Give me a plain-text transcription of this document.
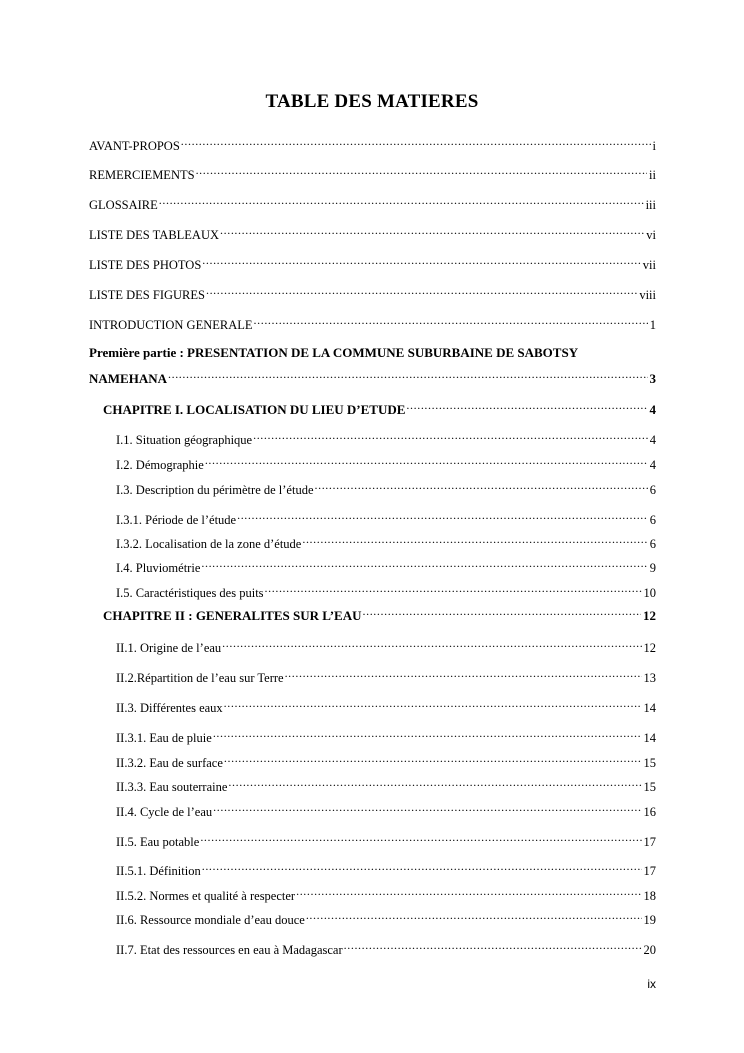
TABLE DES MATIERES
AVANT-PROPOS .....	i
REMERCIEMENTS .....	ii
GLOSSAIRE .....	iii
LISTE DES TABLEAUX .....	vi
LISTE DES PHOTOS .....	vii
LISTE DES FIGURES .....	viii
INTRODUCTION GENERALE .....	1
Première partie : PRESENTATION DE LA COMMUNE SUBURBAINE DE SABOTSY
NAMEHANA .....	3
CHAPITRE I. LOCALISATION DU LIEU D’ETUDE .....	4
I.1. Situation géographique .....	4
I.2. Démographie .....	4
I.3. Description du périmètre de l’étude .....	6
I.3.1. Période de l’étude .....	6
I.3.2. Localisation de la zone d’étude .....	6
I.4. Pluviométrie .....	9
I.5. Caractéristiques des puits .....	10
CHAPITRE II : GENERALITES SUR L’EAU .....	12
II.1. Origine de l’eau .....	12
II.2.Répartition de l’eau sur Terre .....	13
II.3. Différentes eaux .....	14
II.3.1. Eau de pluie .....	14
II.3.2. Eau de surface .....	15
II.3.3. Eau souterraine .....	15
II.4. Cycle de l’eau .....	16
II.5. Eau potable .....	17
II.5.1. Définition .....	17
II.5.2. Normes et qualité à respecter .....	18
II.6. Ressource mondiale d’eau douce .....	19
II.7. Etat des ressources en eau à Madagascar .....	20
ix
